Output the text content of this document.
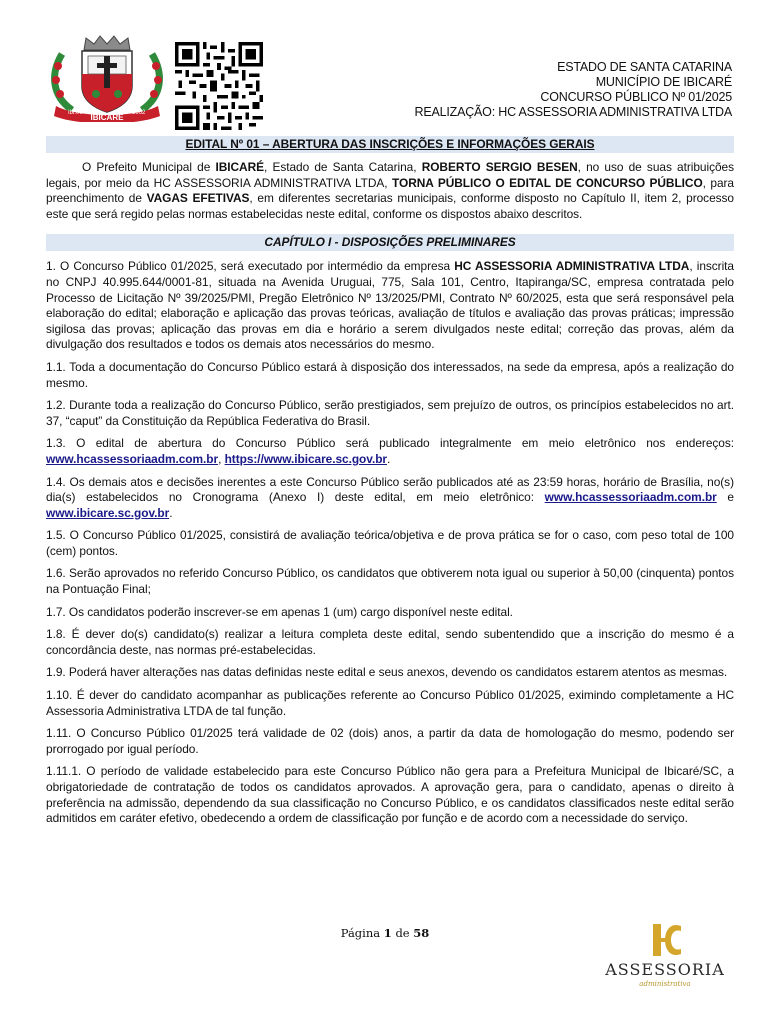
Ibi.06 IBICARÉ 1962
ESTADO DE SANTA CATARINA
MUNICÍPIO DE IBICARÉ
CONCURSO PÚBLICO Nº 01/2025
REALIZAÇÃO: HC ASSESSORIA ADMINISTRATIVA LTDA
EDITAL Nº 01 – ABERTURA DAS INSCRIÇÕES E INFORMAÇÕES GERAIS

O Prefeito Municipal de IBICARÉ, Estado de Santa Catarina, ROBERTO SERGIO BESEN, no uso de suas atribuições legais, por meio da HC ASSESSORIA ADMINISTRATIVA LTDA, TORNA PÚBLICO O EDITAL DE CONCURSO PÚBLICO, para preenchimento de VAGAS EFETIVAS, em diferentes secretarias municipais, conforme disposto no Capítulo II, item 2, processo este que será regido pelas normas estabelecidas neste edital, conforme os dispostos abaixo descritos.

CAPÍTULO I - DISPOSIÇÕES PRELIMINARES

1. O Concurso Público 01/2025, será executado por intermédio da empresa HC ASSESSORIA ADMINISTRATIVA LTDA, inscrita no CNPJ 40.995.644/0001-81, situada na Avenida Uruguai, 775, Sala 101, Centro, Itapiranga/SC, empresa contratada pelo Processo de Licitação Nº 39/2025/PMI, Pregão Eletrônico Nº 13/2025/PMI, Contrato Nº 60/2025, esta que será responsável pela elaboração do edital; elaboração e aplicação das provas teóricas, avaliação de títulos e avaliação das provas práticas; impressão sigilosa das provas; aplicação das provas em dia e horário a serem divulgados neste edital; correção das provas, além da divulgação dos resultados e todos os demais atos necessários do mesmo.

1.1. Toda a documentação do Concurso Público estará à disposição dos interessados, na sede da empresa, após a realização do mesmo.

1.2. Durante toda a realização do Concurso Público, serão prestigiados, sem prejuízo de outros, os princípios estabelecidos no art. 37, “caput” da Constituição da República Federativa do Brasil.

1.3. O edital de abertura do Concurso Público será publicado integralmente em meio eletrônico nos endereços: www.hcassessoriaadm.com.br, https://www.ibicare.sc.gov.br.

1.4. Os demais atos e decisões inerentes a este Concurso Público serão publicados até as 23:59 horas, horário de Brasília, no(s) dia(s) estabelecidos no Cronograma (Anexo I) deste edital, em meio eletrônico: www.hcassessoriaadm.com.br e www.ibicare.sc.gov.br.

1.5. O Concurso Público 01/2025, consistirá de avaliação teórica/objetiva e de prova prática se for o caso, com peso total de 100 (cem) pontos.

1.6. Serão aprovados no referido Concurso Público, os candidatos que obtiverem nota igual ou superior à 50,00 (cinquenta) pontos na Pontuação Final;

1.7. Os candidatos poderão inscrever-se em apenas 1 (um) cargo disponível neste edital.

1.8. É dever do(s) candidato(s) realizar a leitura completa deste edital, sendo subentendido que a inscrição do mesmo é a concordância deste, nas normas pré-estabelecidas.

1.9. Poderá haver alterações nas datas definidas neste edital e seus anexos, devendo os candidatos estarem atentos as mesmas.

1.10. É dever do candidato acompanhar as publicações referente ao Concurso Público 01/2025, eximindo completamente a HC Assessoria Administrativa LTDA de tal função.

1.11. O Concurso Público 01/2025 terá validade de 02 (dois) anos, a partir da data de homologação do mesmo, podendo ser prorrogado por igual período.

1.11.1. O período de validade estabelecido para este Concurso Público não gera para a Prefeitura Municipal de Ibicaré/SC, a obrigatoriedade de contratação de todos os candidatos aprovados. A aprovação gera, para o candidato, apenas o direito à preferência na admissão, dependendo da sua classificação no Concurso Público, e os candidatos classificados neste edital serão admitidos em caráter efetivo, obedecendo a ordem de classificação por função e de acordo com a necessidade do serviço.

Página 1 de 58
ASSESSORIA
administrativa
